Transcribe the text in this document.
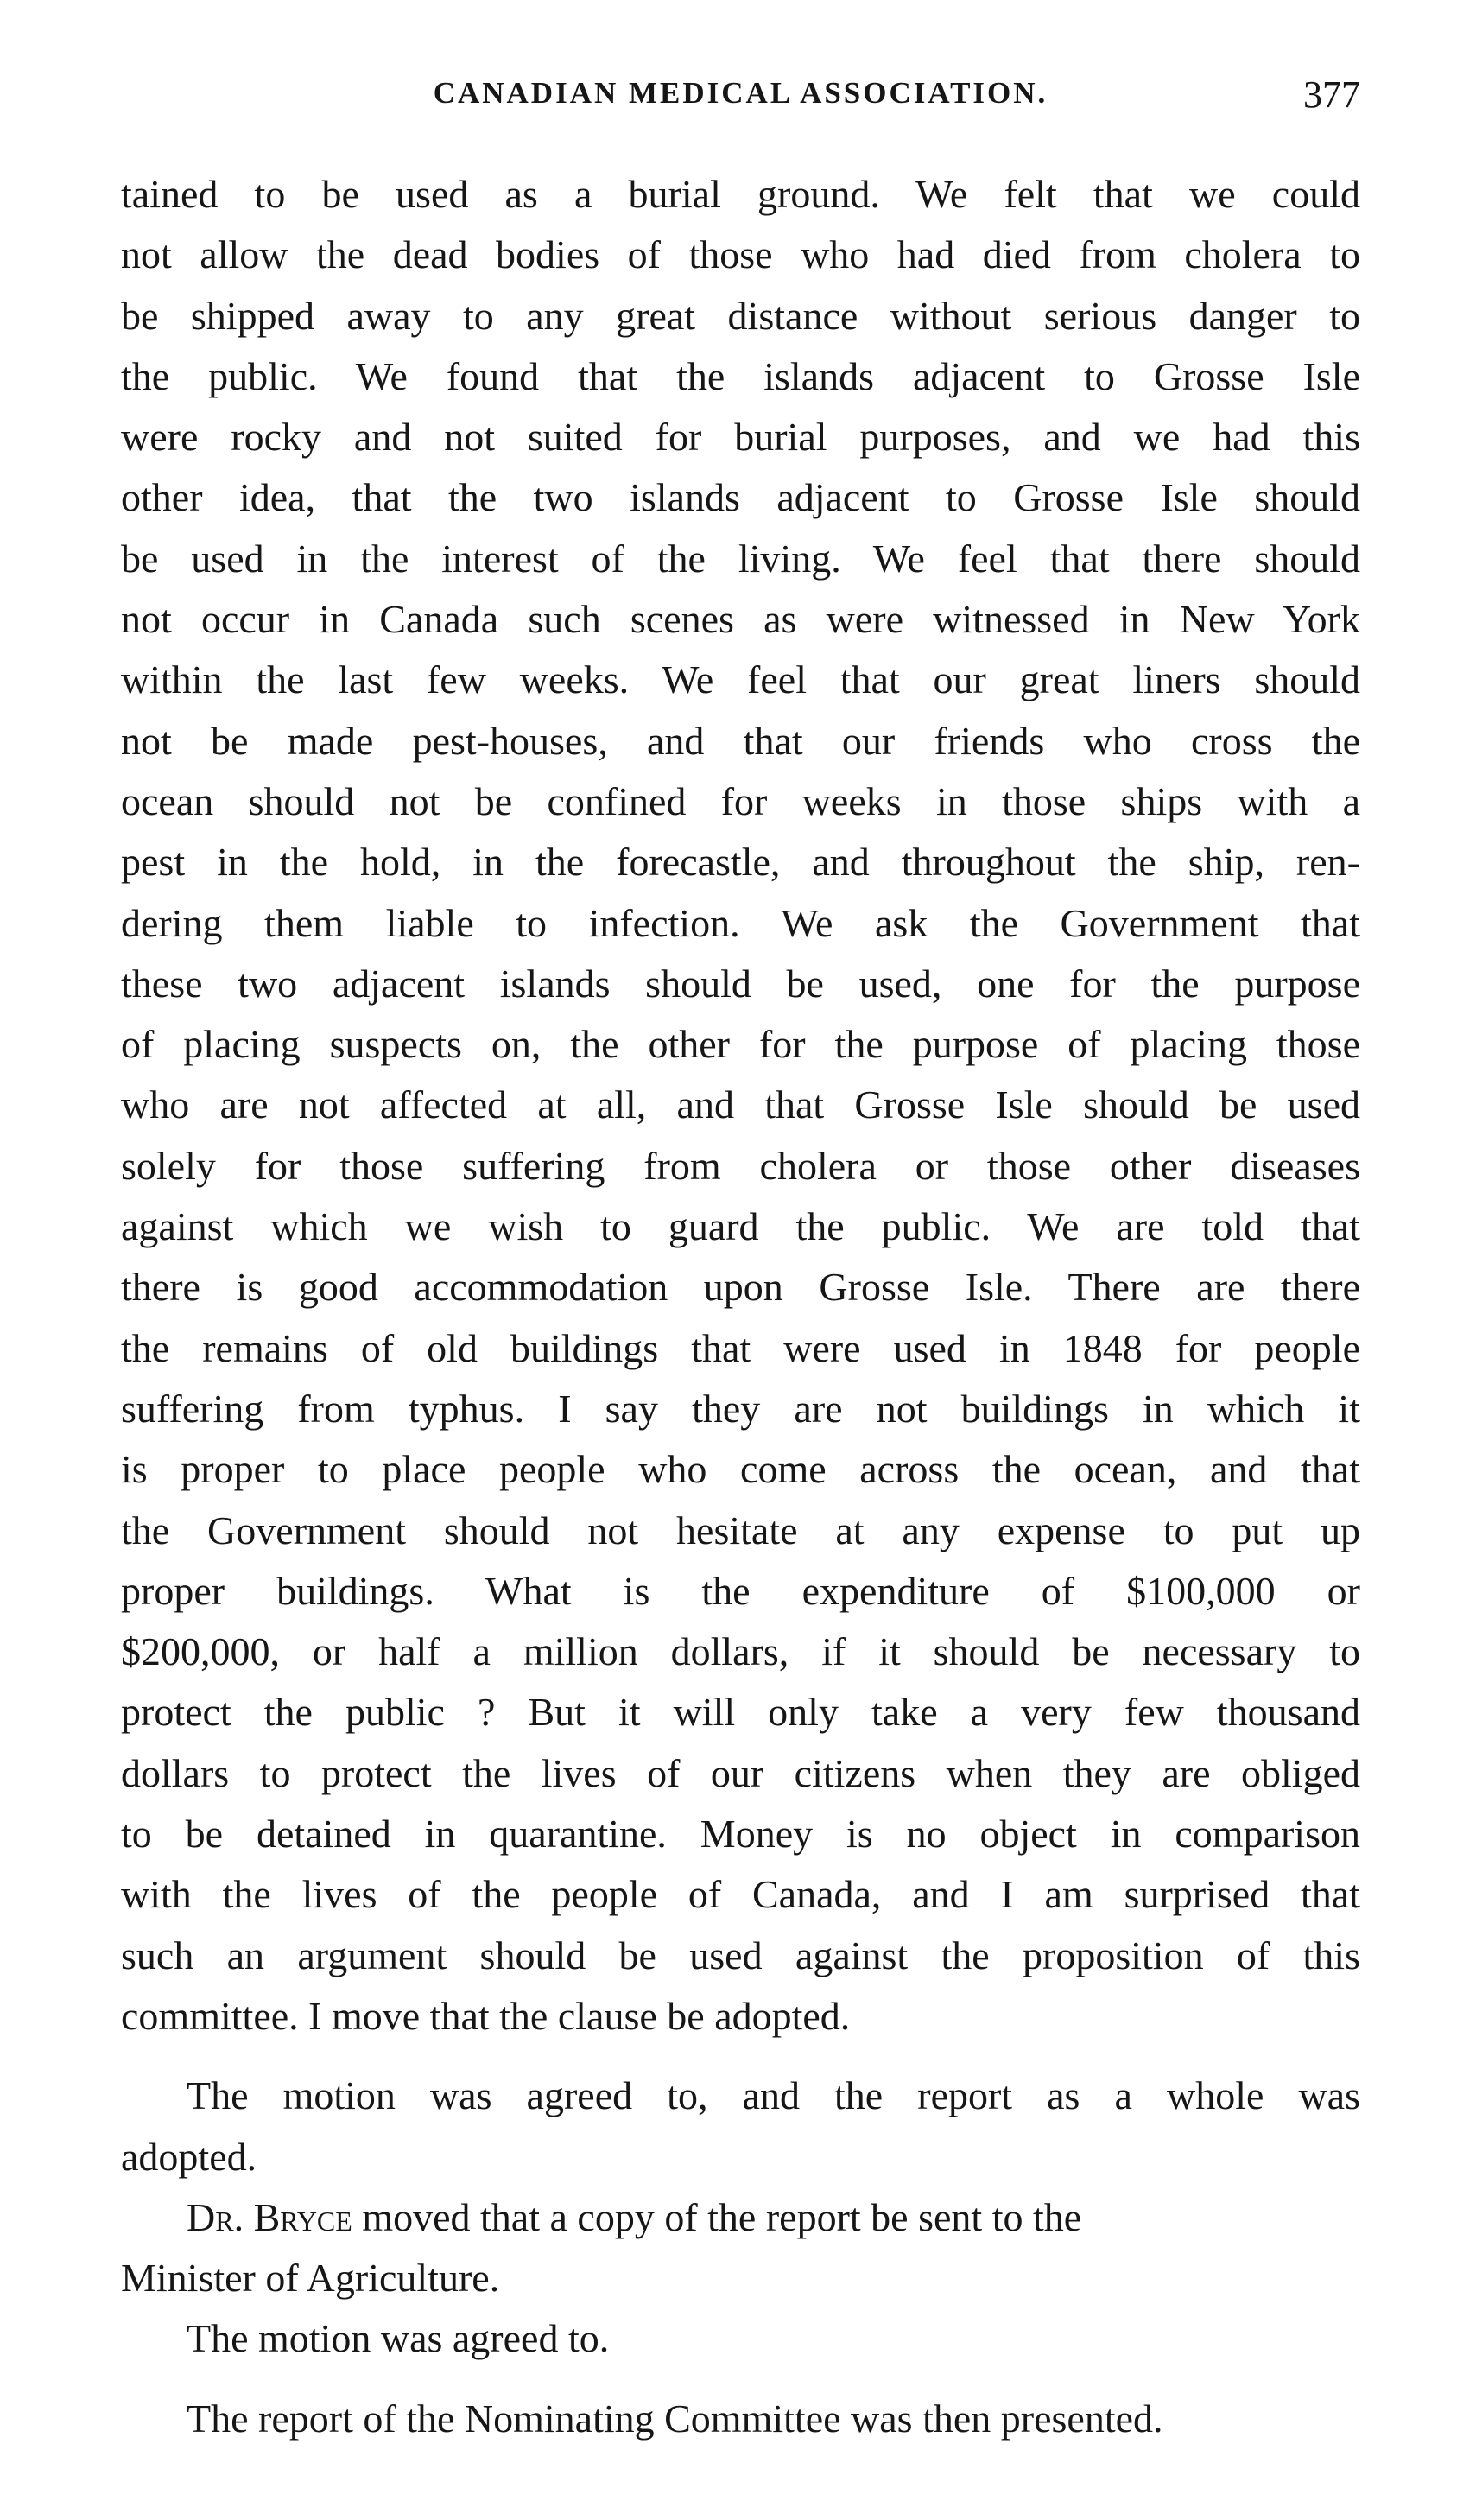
CANADIAN MEDICAL ASSOCIATION.	377
tained to be used as a burial ground. We felt that we could
not allow the dead bodies of those who had died from cholera to
be shipped away to any great distance without serious danger to
the public. We found that the islands adjacent to Grosse Isle
were rocky and not suited for burial purposes, and we had this
other idea, that the two islands adjacent to Grosse Isle should
be used in the interest of the living. We feel that there should
not occur in Canada such scenes as were witnessed in New York
within the last few weeks. We feel that our great liners should
not be made pest-houses, and that our friends who cross the
ocean should not be confined for weeks in those ships with a
pest in the hold, in the forecastle, and throughout the ship, ren-
dering them liable to infection. We ask the Government that
these two adjacent islands should be used, one for the purpose
of placing suspects on, the other for the purpose of placing those
who are not affected at all, and that Grosse Isle should be used
solely for those suffering from cholera or those other diseases
against which we wish to guard the public. We are told that
there is good accommodation upon Grosse Isle. There are there
the remains of old buildings that were used in 1848 for people
suffering from typhus. I say they are not buildings in which it
is proper to place people who come across the ocean, and that
the Government should not hesitate at any expense to put up
proper buildings. What is the expenditure of $100,000 or
$200,000, or half a million dollars, if it should be necessary to
protect the public ? But it will only take a very few thousand
dollars to protect the lives of our citizens when they are obliged
to be detained in quarantine. Money is no object in comparison
with the lives of the people of Canada, and I am surprised that
such an argument should be used against the proposition of this
committee. I move that the clause be adopted.
The motion was agreed to, and the report as a whole was
adopted.
Dr. Bryce moved that a copy of the report be sent to the
Minister of Agriculture.
The motion was agreed to.
The report of the Nominating Committee was then presented.
